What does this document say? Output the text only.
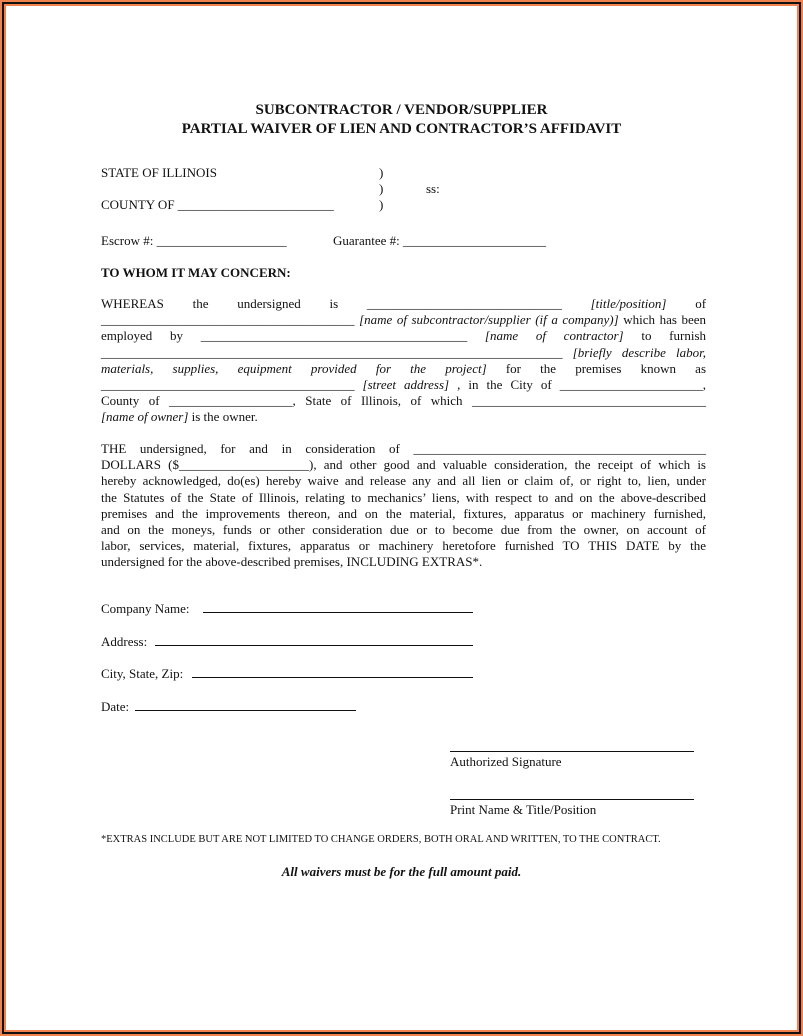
SUBCONTRACTOR / VENDOR/SUPPLIER
PARTIAL WAIVER OF LIEN AND CONTRACTOR’S AFFIDAVIT
STATE OF ILLINOIS
COUNTY OF ________________________
)
)
)
ss:
Escrow #: ____________________	Guarantee #: ______________________
TO WHOM IT MAY CONCERN:
Company Name:
Address:
City, State, Zip:
Date:
Authorized Signature
Print Name & Title/Position
*EXTRAS INCLUDE BUT ARE NOT LIMITED TO CHANGE ORDERS, BOTH ORAL AND WRITTEN, TO THE CONTRACT.
All waivers must be for the full amount paid.
WHEREAS the undersigned is ______________________________ [title/position] of
_______________________________________ [name of subcontractor/supplier (if a company)] which has been
employed by _________________________________________ [name of contractor] to furnish
_______________________________________________________________________ [briefly describe labor,
materials, supplies, equipment provided for the project] for the premises known as
_______________________________________ [street address] , in the City of ______________________,
County of ___________________, State of Illinois, of which ____________________________________
[name of owner] is the owner.
THE undersigned, for and in consideration of _____________________________________________
DOLLARS ($____________________), and other good and valuable consideration, the receipt of which is
hereby acknowledged, do(es) hereby waive and release any and all lien or claim of, or right to, lien, under
the Statutes of the State of Illinois, relating to mechanics’ liens, with respect to and on the above-described
premises and the improvements thereon, and on the material, fixtures, apparatus or machinery furnished,
and on the moneys, funds or other consideration due or to become due from the owner, on account of
labor, services, material, fixtures, apparatus or machinery heretofore furnished TO THIS DATE by the
undersigned for the above-described premises, INCLUDING EXTRAS*.
